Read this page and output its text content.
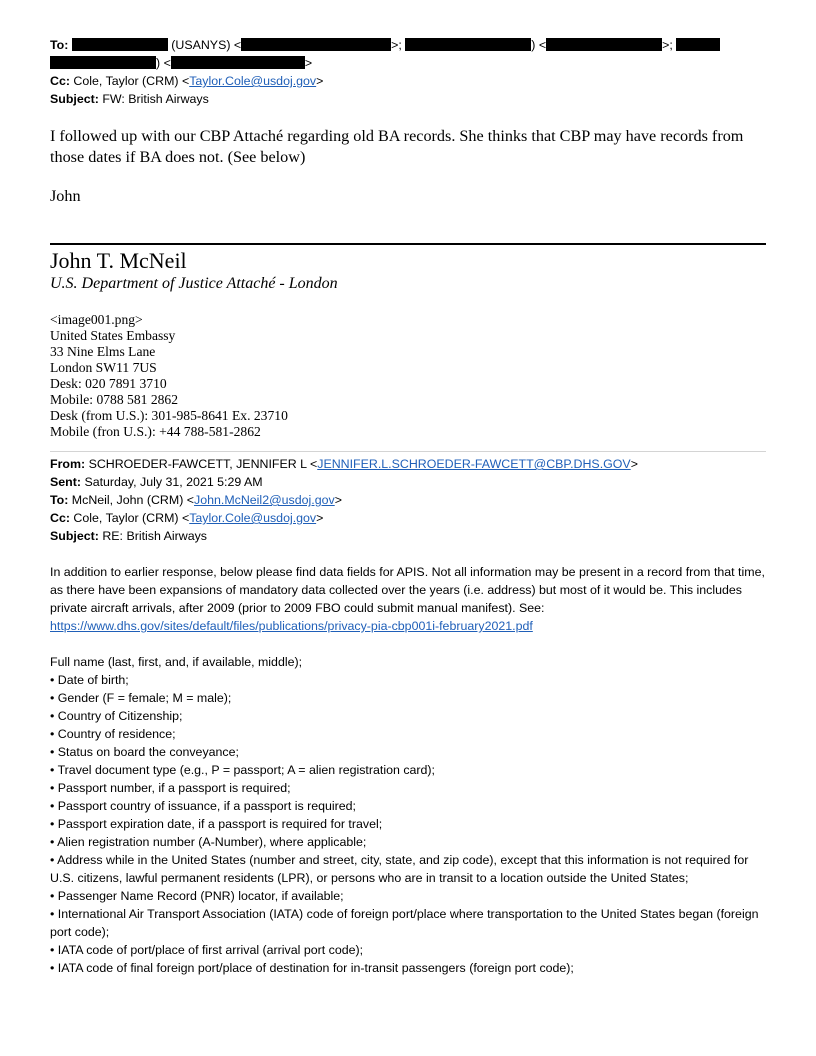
To:	(USANYS) <	>;	) <	>;
) <	>
Cc: Cole, Taylor (CRM) <Taylor.Cole@usdoj.gov>
Subject: FW: British Airways
I followed up with our CBP Attaché regarding old BA records. She thinks that CBP may have records from those dates if BA does not. (See below)
John
John T. McNeil
U.S. Department of Justice Attaché - London
<image001.png>
United States Embassy
33 Nine Elms Lane
London SW11 7US
Desk: 020 7891 3710
Mobile: 0788 581 2862
Desk (from U.S.): 301-985-8641 Ex. 23710
Mobile (fron U.S.): +44 788-581-2862
From: SCHROEDER-FAWCETT, JENNIFER L <JENNIFER.L.SCHROEDER-FAWCETT@CBP.DHS.GOV>
Sent: Saturday, July 31, 2021 5:29 AM
To: McNeil, John (CRM) <John.McNeil2@usdoj.gov>
Cc: Cole, Taylor (CRM) <Taylor.Cole@usdoj.gov>
Subject: RE: British Airways
In addition to earlier response, below please find data fields for APIS. Not all information may be present in a record from that time, as there have been expansions of mandatory data collected over the years (i.e. address) but most of it would be. This includes private aircraft arrivals, after 2009 (prior to 2009 FBO could submit manual manifest). See: https://www.dhs.gov/sites/default/files/publications/privacy-pia-cbp001i-february2021.pdf
Full name (last, first, and, if available, middle);
• Date of birth;
• Gender (F = female; M = male);
• Country of Citizenship;
• Country of residence;
• Status on board the conveyance;
• Travel document type (e.g., P = passport; A = alien registration card);
• Passport number, if a passport is required;
• Passport country of issuance, if a passport is required;
• Passport expiration date, if a passport is required for travel;
• Alien registration number (A-Number), where applicable;
• Address while in the United States (number and street, city, state, and zip code), except that this information is not required for U.S. citizens, lawful permanent residents (LPR), or persons who are in transit to a location outside the United States;
• Passenger Name Record (PNR) locator, if available;
• International Air Transport Association (IATA) code of foreign port/place where transportation to the United States began (foreign port code);
• IATA code of port/place of first arrival (arrival port code);
• IATA code of final foreign port/place of destination for in-transit passengers (foreign port code);
